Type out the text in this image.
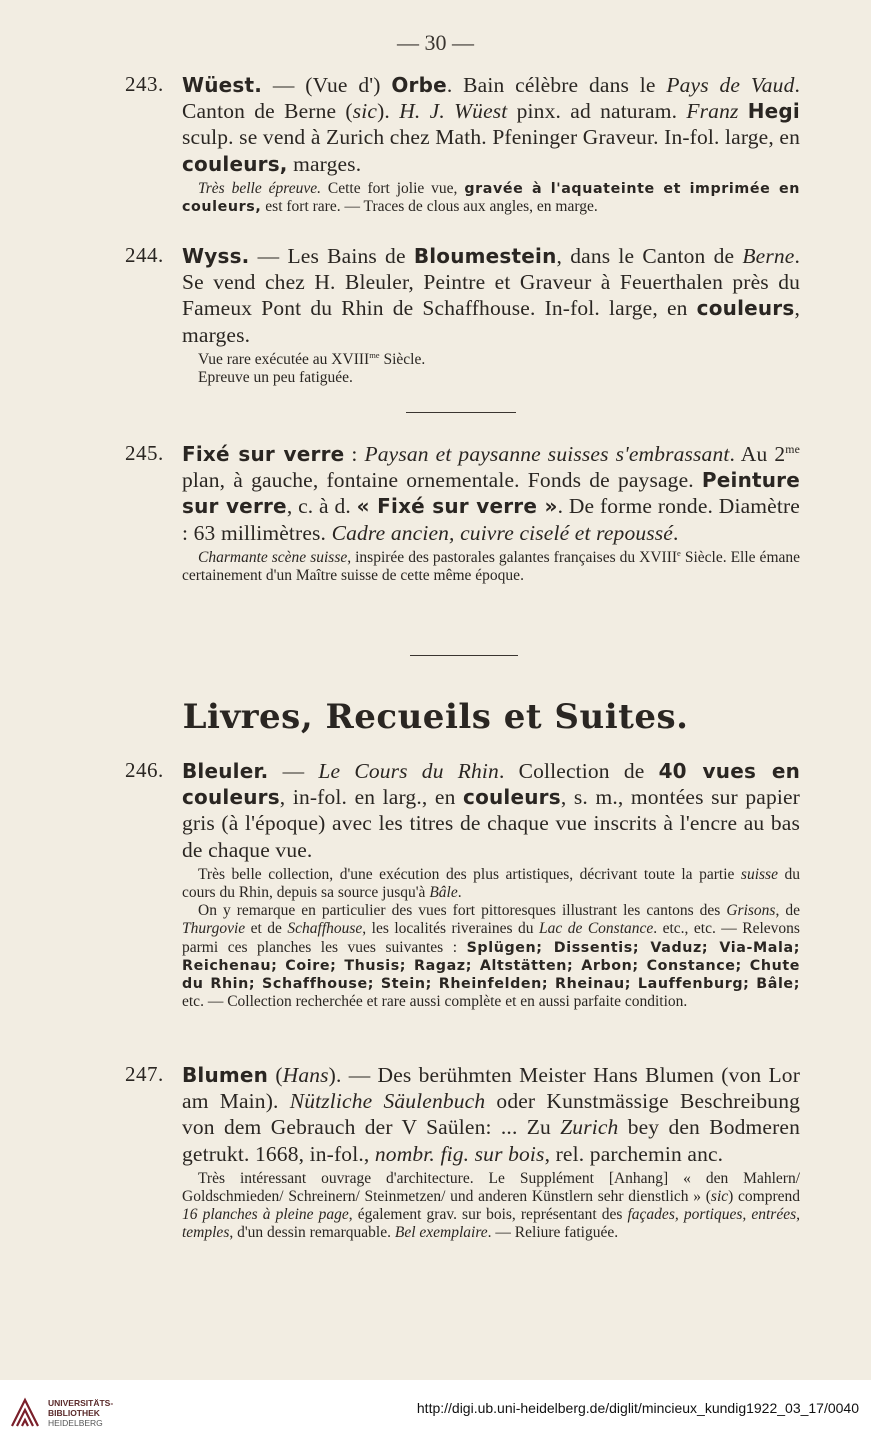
— 30 —
243. Wüest. — (Vue d') Orbe. Bain célèbre dans le Pays de Vaud. Canton de Berne (sic). H. J. Wüest pinx. ad naturam. Franz Hegi sculp. se vend à Zurich chez Math. Pfeninger Graveur. In-fol. large, en couleurs, marges.

Très belle épreuve. Cette fort jolie vue, gravée à l'aquateinte et imprimée en couleurs, est fort rare. — Traces de clous aux angles, en marge.

244. Wyss. — Les Bains de Bloumestein, dans le Canton de Berne. Se vend chez H. Bleuler, Peintre et Graveur à Feuerthalen près du Fameux Pont du Rhin de Schaffhouse. In-fol. large, en couleurs, marges.

Vue rare exécutée au $XVIII^{me}$ Siècle.

Epreuve un peu fatiguée.

245. Fixé sur verre : Paysan et paysanne suisses s'embrassant. Au $2^{me}$ plan, à gauche, fontaine ornementale. Fonds de paysage. Peinture sur verre, c. à d. « Fixé sur verre ». De forme ronde. Diamètre : 63 millimètres. Cadre ancien, cuivre ciselé et repoussé.

Charmante scène suisse, inspirée des pastorales galantes françaises du XVIIIe Siècle. Elle émane certainement d'un Maître suisse de cette même époque.

Livres, Recueils et Suites.
246. Bleuler. — Le Cours du Rhin. Collection de 40 vues en couleurs, in-fol. en larg., en couleurs, s. m., montées sur papier gris (à l'époque) avec les titres de chaque vue inscrits à l'encre au bas de chaque vue.

Très belle collection, d'une exécution des plus artistiques, décrivant toute la partie suisse du cours du Rhin, depuis sa source jusqu'à Bâle.

On y remarque en particulier des vues fort pittoresques illustrant les cantons des Grisons, de Thurgovie et de Schaffhouse, les localités riveraines du Lac de Constance. etc., etc. — Relevons parmi ces planches les vues suivantes : Splügen; Dissentis; Vaduz; Via-Mala; Reichenau; Coire; Thusis; Ragaz; Altstätten; Arbon; Constance; Chute du Rhin; Schaffhouse; Stein; Rheinfelden; Rheinau; Lauffenburg; Bâle; etc. — Collection recherchée et rare aussi complète et en aussi parfaite condition.

247. Blumen (Hans). — Des berühmten Meister Hans Blumen (von Lor am Main). Nützliche Säulenbuch oder Kunstmässige Beschreibung von dem Gebrauch der V Saülen: ... Zu Zurich bey den Bodmeren getrukt. 1668, in-fol., nombr. fig. sur bois, rel. parchemin anc.

Très intéressant ouvrage d'architecture. Le Supplément [Anhang] « den Mahlern/ Goldschmieden/ Schreinern/ Steinmetzen/ und anderen Künstlern sehr dienstlich » (sic) comprend 16 planches à pleine page, également grav. sur bois, représentant des façades, portiques, entrées, temples, d'un dessin remarquable. Bel exemplaire. — Reliure fatiguée.

UNIVERSITÄTS-
BIBLIOTHEK
HEIDELBERG
http://digi.ub.uni-heidelberg.de/diglit/mincieux_kundig1922_03_17/0040
